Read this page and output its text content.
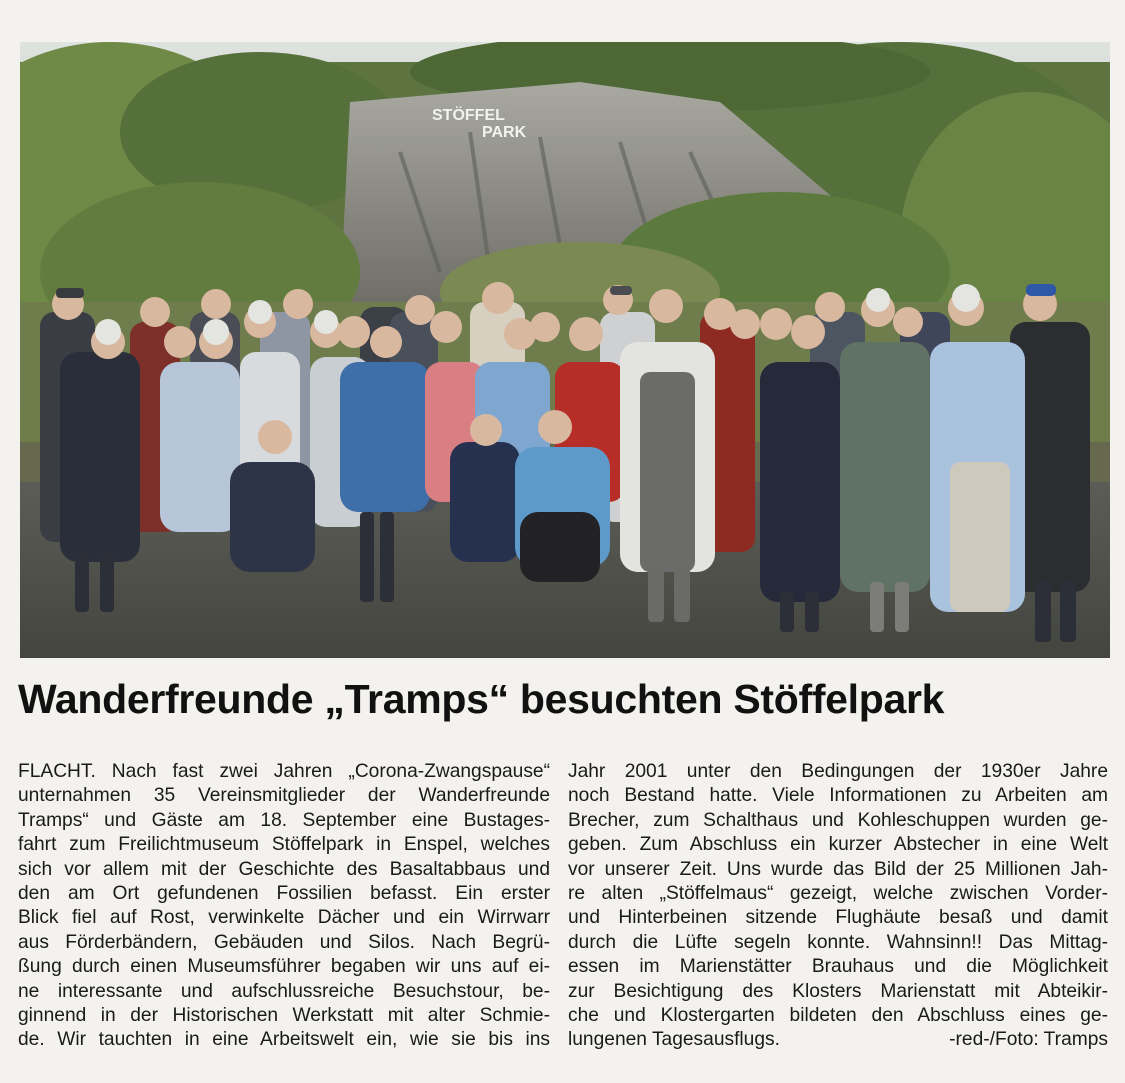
STÖFFEL
PARK
Wanderfreunde „Tramps“ besuchten Stöffelpark
FLACHT. Nach fast zwei Jahren „Corona-Zwangspause“
unternahmen 35 Vereinsmitglieder der Wanderfreunde
Tramps“ und Gäste am 18. September eine Bustages-
fahrt zum Freilichtmuseum Stöffelpark in Enspel, welches
sich vor allem mit der Geschichte des Basaltabbaus und
den am Ort gefundenen Fossilien befasst. Ein erster
Blick fiel auf Rost, verwinkelte Dächer und ein Wirrwarr
aus Förderbändern, Gebäuden und Silos. Nach Begrü-
ßung durch einen Museumsführer begaben wir uns auf ei-
ne interessante und aufschlussreiche Besuchstour, be-
ginnend in der Historischen Werkstatt mit alter Schmie-
de. Wir tauchten in eine Arbeitswelt ein, wie sie bis ins
Jahr 2001 unter den Bedingungen der 1930er Jahre
noch Bestand hatte. Viele Informationen zu Arbeiten am
Brecher, zum Schalthaus und Kohleschuppen wurden ge-
geben. Zum Abschluss ein kurzer Abstecher in eine Welt
vor unserer Zeit. Uns wurde das Bild der 25 Millionen Jah-
re alten „Stöffelmaus“ gezeigt, welche zwischen Vorder-
und Hinterbeinen sitzende Flughäute besaß und damit
durch die Lüfte segeln konnte. Wahnsinn!! Das Mittag-
essen im Marienstätter Brauhaus und die Möglichkeit
zur Besichtigung des Klosters Marienstatt mit Abteikir-
che und Klostergarten bildeten den Abschluss eines ge-
lungenen Tagesausflugs.	-red-/Foto: Tramps
